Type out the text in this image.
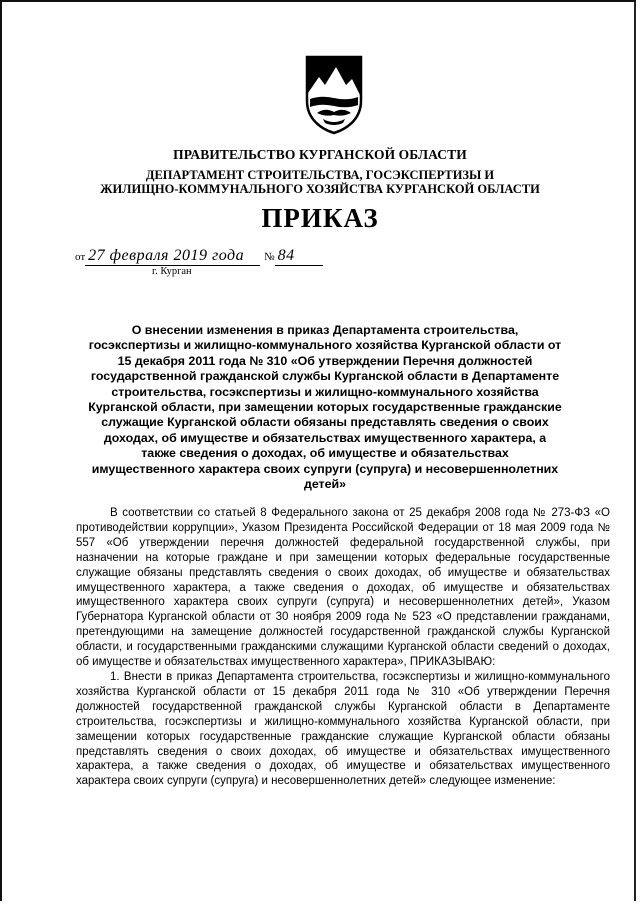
ПРАВИТЕЛЬСТВО КУРГАНСКОЙ ОБЛАСТИ
ДЕПАРТАМЕНТ СТРОИТЕЛЬСТВА, ГОСЭКСПЕРТИЗЫ И
ЖИЛИЩНО-КОММУНАЛЬНОГО ХОЗЯЙСТВА КУРГАНСКОЙ ОБЛАСТИ
ПРИКАЗ
от 27 февраля 2019 года	№ 84
г. Курган
О внесении изменения в приказ Департамента строительства, госэкспертизы и жилищно-коммунального хозяйства Курганской области от 15 декабря 2011 года № 310 «Об утверждении Перечня должностей государственной гражданской службы Курганской области в Департаменте строительства, госэкспертизы и жилищно-коммунального хозяйства Курганской области, при замещении которых государственные гражданские служащие Курганской области обязаны представлять сведения о своих доходах, об имуществе и обязательствах имущественного характера, а также сведения о доходах, об имуществе и обязательствах имущественного характера своих супруги (супруга) и несовершеннолетних детей»

В соответствии со статьей 8 Федерального закона от 25 декабря 2008 года № 273-ФЗ «О противодействии коррупции», Указом Президента Российской Федерации от 18 мая 2009 года № 557 «Об утверждении перечня должностей федеральной государственной службы, при назначении на которые граждане и при замещении которых федеральные государственные служащие обязаны представлять сведения о своих доходах, об имуществе и обязательствах имущественного характера, а также сведения о доходах, об имуществе и обязательствах имущественного характера своих супруги (супруга) и несовершеннолетних детей», Указом Губернатора Курганской области от 30 ноября 2009 года № 523 «О представлении гражданами, претендующими на замещение должностей государственной гражданской службы Курганской области, и государственными гражданскими служащими Курганской области сведений о доходах, об имуществе и обязательствах имущественного характера», ПРИКАЗЫВАЮ:

1. Внести в приказ Департамента строительства, госэкспертизы и жилищно-коммунального хозяйства Курганской области от 15 декабря 2011 года № 310 «Об утверждении Перечня должностей государственной гражданской службы Курганской области в Департаменте строительства, госэкспертизы и жилищно-коммунального хозяйства Курганской области, при замещении которых государственные гражданские служащие Курганской области обязаны представлять сведения о своих доходах, об имуществе и обязательствах имущественного характера, а также сведения о доходах, об имуществе и обязательствах имущественного характера своих супруги (супруга) и несовершеннолетних детей» следующее изменение:
